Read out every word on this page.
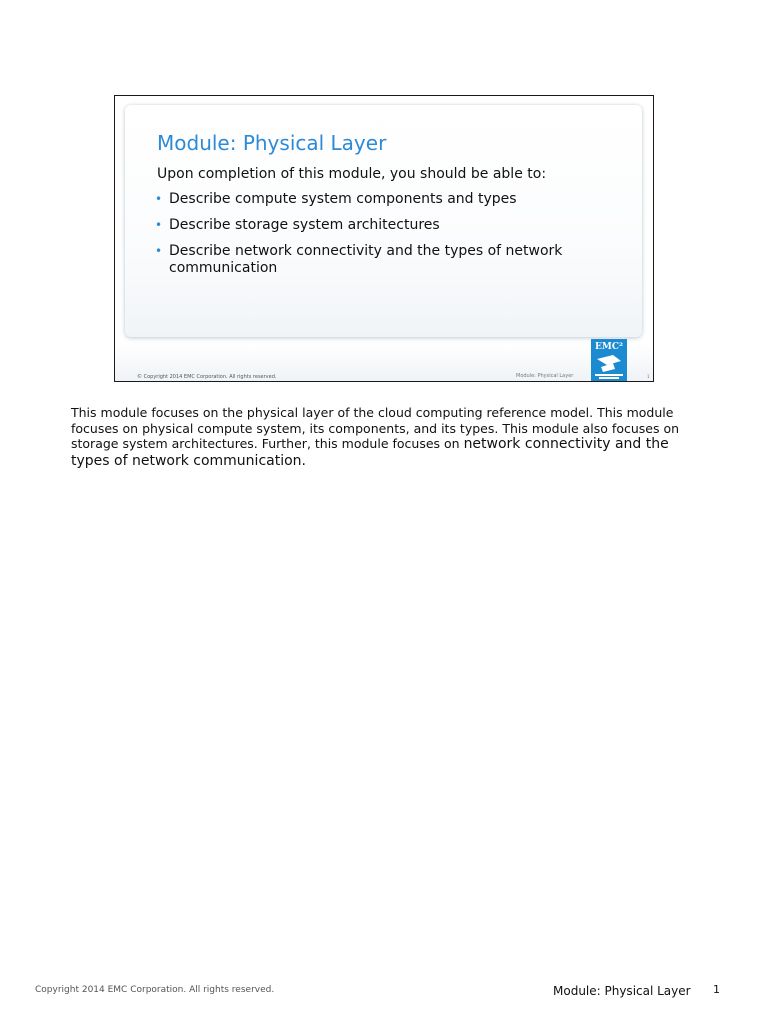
Module: Physical Layer
Upon completion of this module, you should be able to:
• Describe compute system components and types
• Describe storage system architectures
• Describe network connectivity and the types of network communication
EMC²
© Copyright 2014 EMC Corporation. All rights reserved.	Module: Physical Layer	1
This module focuses on the physical layer of the cloud computing reference model. This module focuses on physical compute system, its components, and its types. This module also focuses on storage system architectures. Further, this module focuses on network connectivity and the types of network communication.
Copyright 2014 EMC Corporation. All rights reserved.	Module: Physical Layer 1
